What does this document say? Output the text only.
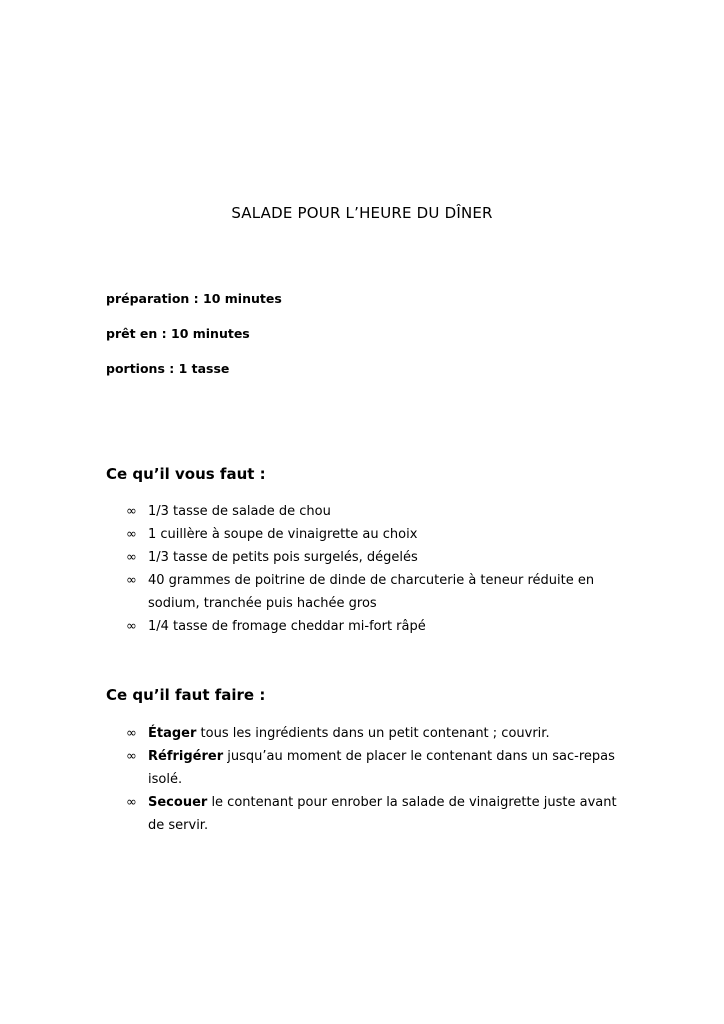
SALADE POUR L’HEURE DU DÎNER
préparation : 10 minutes
prêt en : 10 minutes
portions : 1 tasse
Ce qu’il vous faut :
∞ 1/3 tasse de salade de chou
∞ 1 cuillère à soupe de vinaigrette au choix
∞ 1/3 tasse de petits pois surgelés, dégelés
∞ 40 grammes de poitrine de dinde de charcuterie à teneur réduite en sodium, tranchée puis hachée gros
∞ 1/4 tasse de fromage cheddar mi-fort râpé
Ce qu’il faut faire :
∞ Étager tous les ingrédients dans un petit contenant ; couvrir.
∞ Réfrigérer jusqu’au moment de placer le contenant dans un sac-repas isolé.
∞ Secouer le contenant pour enrober la salade de vinaigrette juste avant de servir.
